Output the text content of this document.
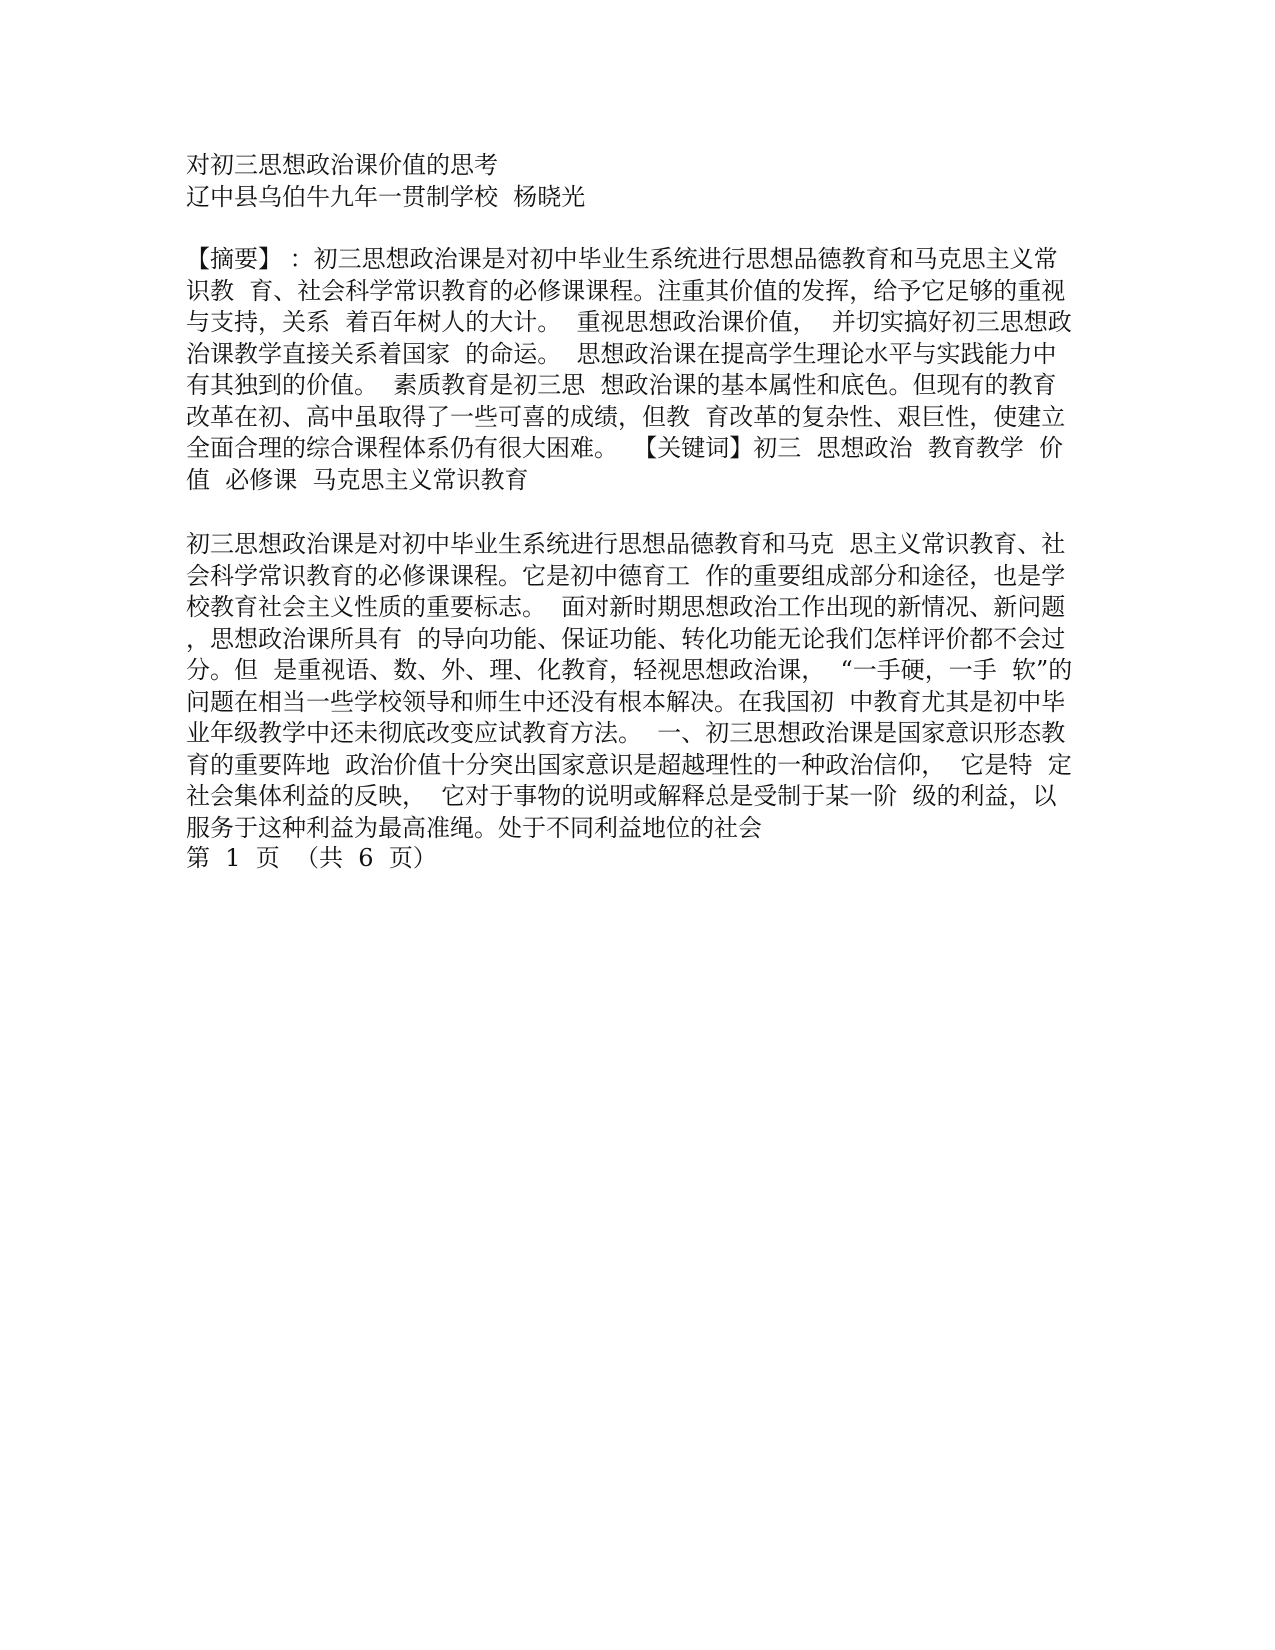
对初三思想政治课价值的思考
辽中县乌伯牛九年一贯制学校  杨晓光
【摘要】 ：初三思想政治课是对初中毕业生系统进行思想品德教育和马克思主义常
识教  育、社会科学常识教育的必修课课程。注重其价值的发挥，给予它足够的重视
与支持，关系  着百年树人的大计。  重视思想政治课价值，  并切实搞好初三思想政
治课教学直接关系着国家  的命运。  思想政治课在提高学生理论水平与实践能力中
有其独到的价值。  素质教育是初三思  想政治课的基本属性和底色。但现有的教育
改革在初、高中虽取得了一些可喜的成绩，但教  育改革的复杂性、艰巨性，使建立
全面合理的综合课程体系仍有很大困难。  【关键词】初三  思想政治  教育教学  价
值  必修课  马克思主义常识教育
初三思想政治课是对初中毕业生系统进行思想品德教育和马克  思主义常识教育、社
会科学常识教育的必修课课程。它是初中德育工  作的重要组成部分和途径，也是学
校教育社会主义性质的重要标志。  面对新时期思想政治工作出现的新情况、新问题
，思想政治课所具有  的导向功能、保证功能、转化功能无论我们怎样评价都不会过
分。但  是重视语、数、外、理、化教育，轻视思想政治课，  “一手硬，一手  软”的
问题在相当一些学校领导和师生中还没有根本解决。在我国初  中教育尤其是初中毕
业年级教学中还未彻底改变应试教育方法。  一、初三思想政治课是国家意识形态教
育的重要阵地  政治价值十分突出国家意识是超越理性的一种政治信仰，  它是特  定
社会集体利益的反映，  它对于事物的说明或解释总是受制于某一阶  级的利益，以
服务于这种利益为最高准绳。处于不同利益地位的社会
第  1  页  （共  6  页）
